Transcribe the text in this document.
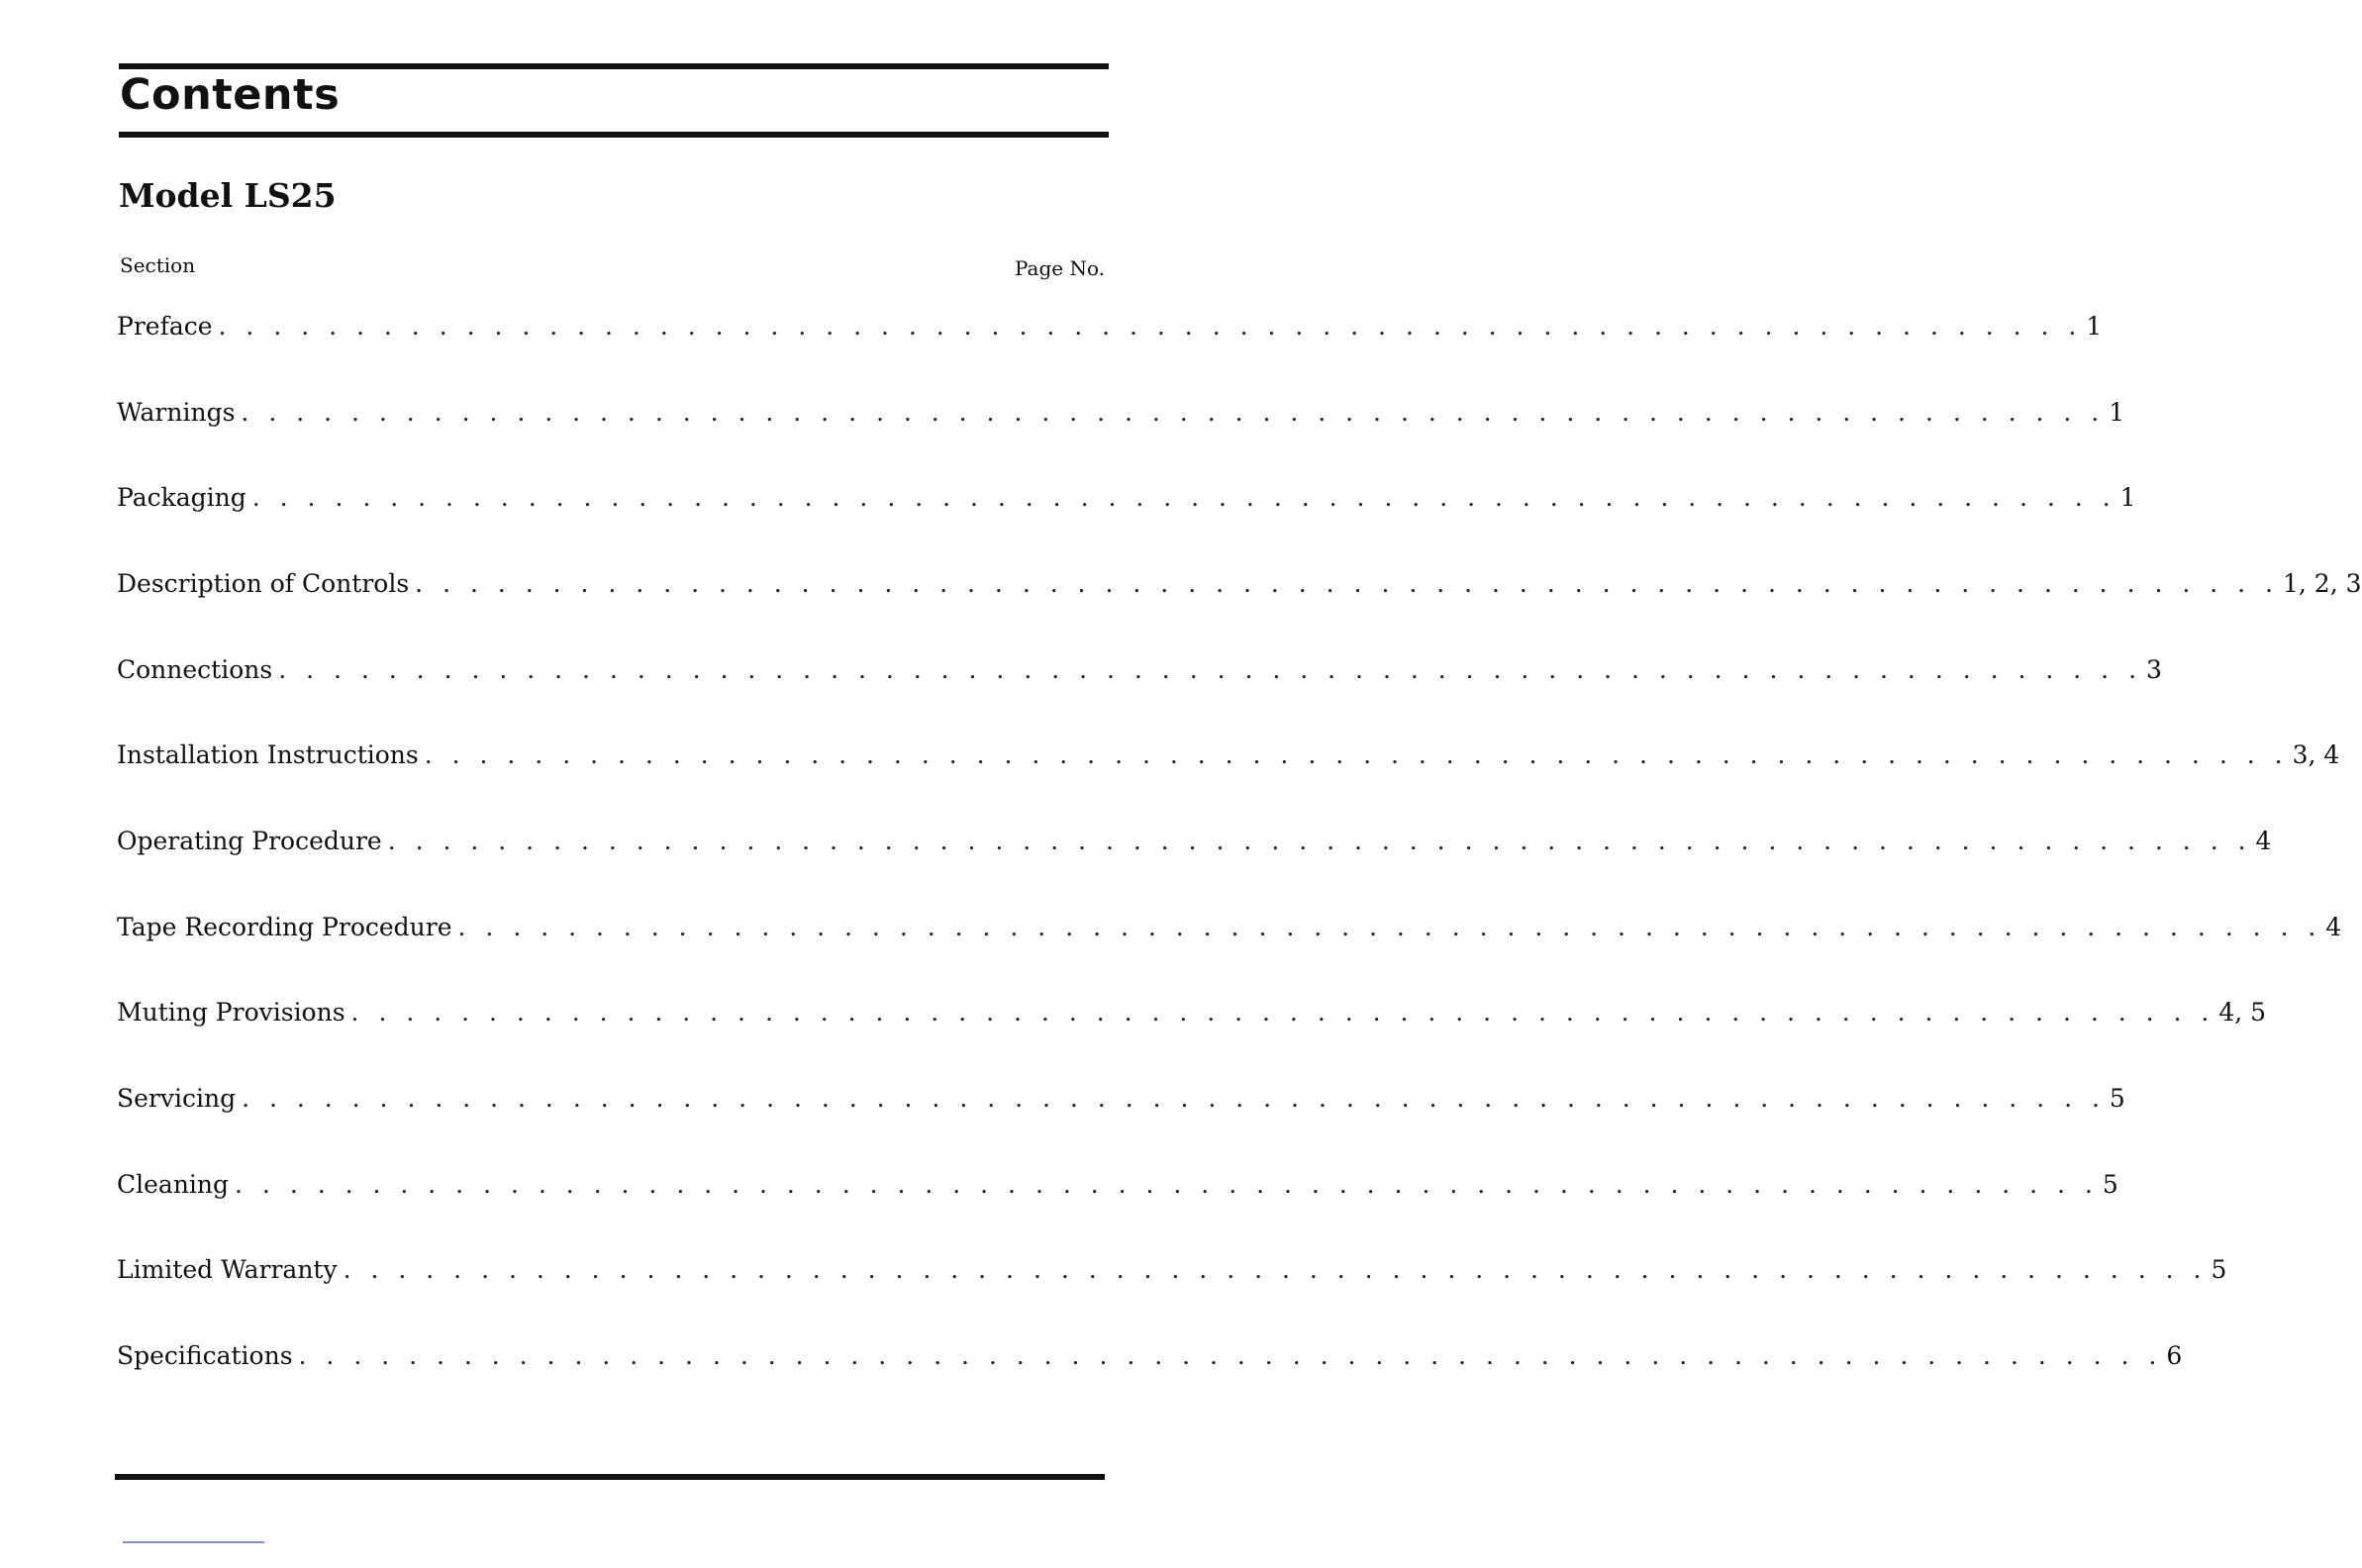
Contents
Model LS25
Section	Page No.
Preface . . . . . . . . . . . . . . . . . . . . . . . . . . . . . . . . . . . . . . . . . . . . . . . . . . . . . . . . . . . . . . . . . . . . 1
Warnings . . . . . . . . . . . . . . . . . . . . . . . . . . . . . . . . . . . . . . . . . . . . . . . . . . . . . . . . . . . . . . . . . . . . 1
Packaging . . . . . . . . . . . . . . . . . . . . . . . . . . . . . . . . . . . . . . . . . . . . . . . . . . . . . . . . . . . . . . . . . . . . 1
Description of Controls . . . . . . . . . . . . . . . . . . . . . . . . . . . . . . . . . . . . . . . . . . . . . . . . . . . . . . . . . . . . . . . . . . . . 1, 2, 3
Connections . . . . . . . . . . . . . . . . . . . . . . . . . . . . . . . . . . . . . . . . . . . . . . . . . . . . . . . . . . . . . . . . . . . . 3
Installation Instructions . . . . . . . . . . . . . . . . . . . . . . . . . . . . . . . . . . . . . . . . . . . . . . . . . . . . . . . . . . . . . . . . . . . . 3, 4
Operating Procedure . . . . . . . . . . . . . . . . . . . . . . . . . . . . . . . . . . . . . . . . . . . . . . . . . . . . . . . . . . . . . . . . . . . . 4
Tape Recording Procedure . . . . . . . . . . . . . . . . . . . . . . . . . . . . . . . . . . . . . . . . . . . . . . . . . . . . . . . . . . . . . . . . . . . . 4
Muting Provisions . . . . . . . . . . . . . . . . . . . . . . . . . . . . . . . . . . . . . . . . . . . . . . . . . . . . . . . . . . . . . . . . . . . . 4, 5
Servicing . . . . . . . . . . . . . . . . . . . . . . . . . . . . . . . . . . . . . . . . . . . . . . . . . . . . . . . . . . . . . . . . . . . . 5
Cleaning . . . . . . . . . . . . . . . . . . . . . . . . . . . . . . . . . . . . . . . . . . . . . . . . . . . . . . . . . . . . . . . . . . . . 5
Limited Warranty . . . . . . . . . . . . . . . . . . . . . . . . . . . . . . . . . . . . . . . . . . . . . . . . . . . . . . . . . . . . . . . . . . . . 5
Specifications . . . . . . . . . . . . . . . . . . . . . . . . . . . . . . . . . . . . . . . . . . . . . . . . . . . . . . . . . . . . . . . . . . . . 6
